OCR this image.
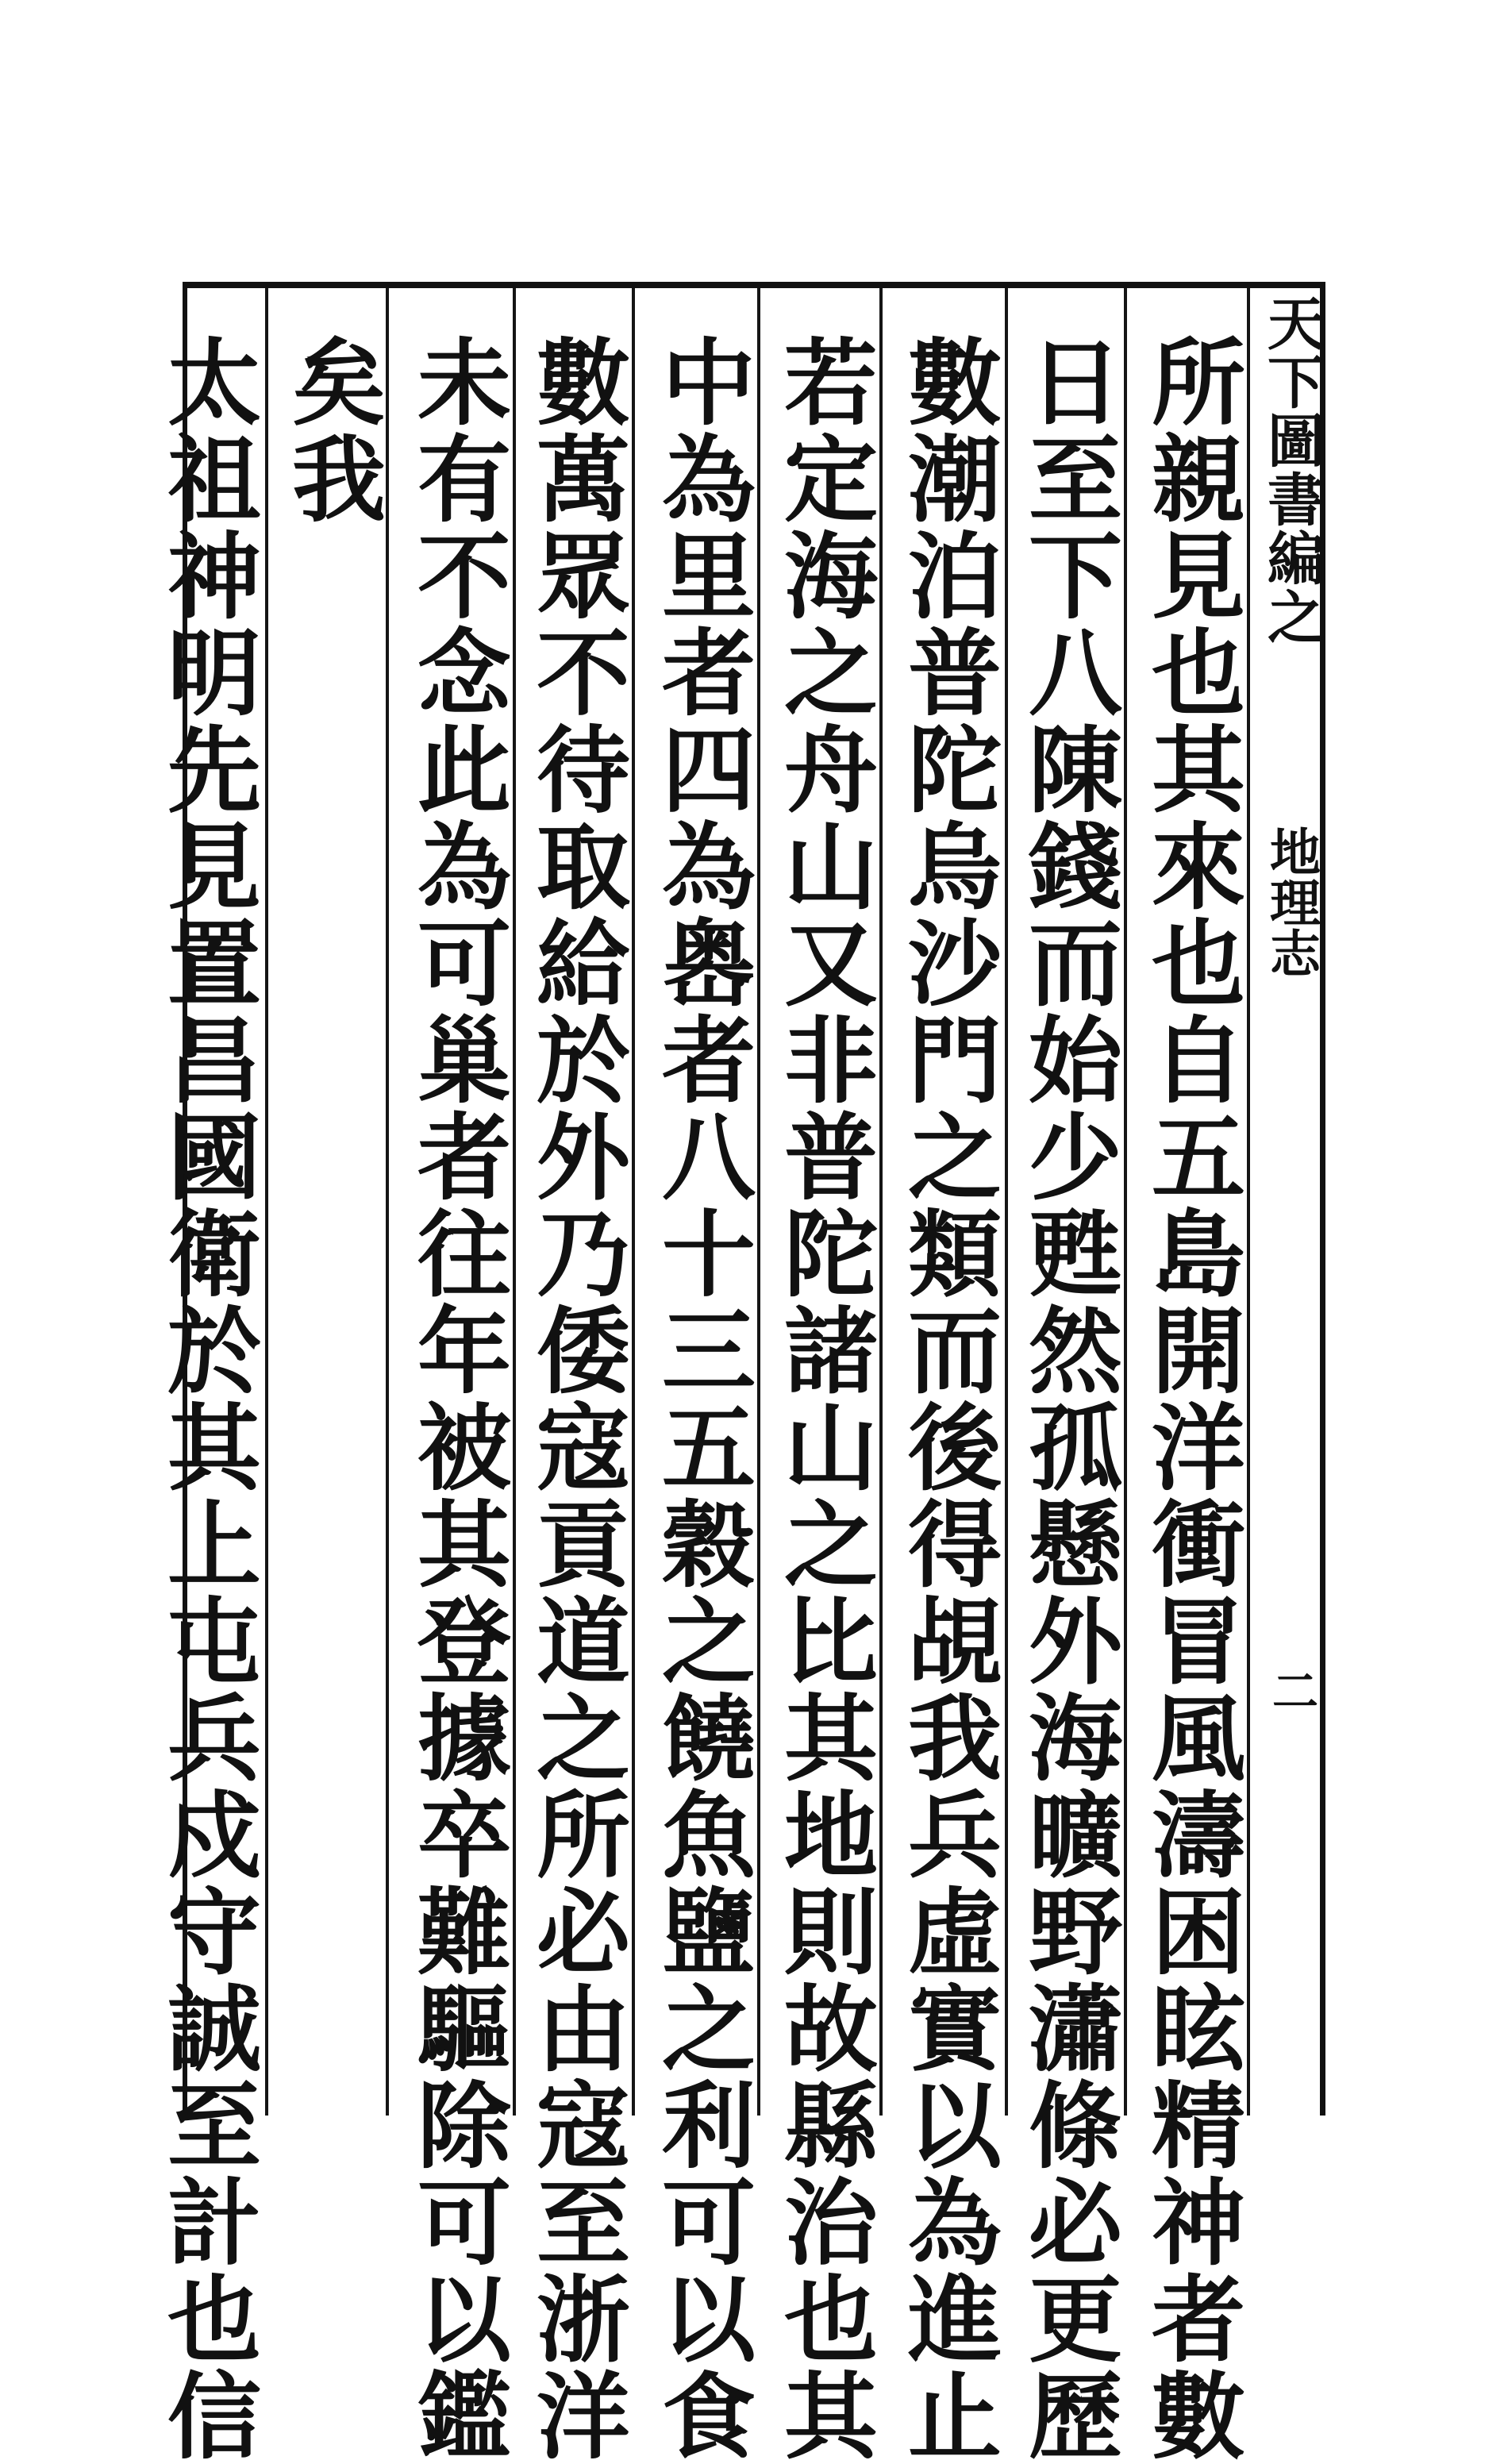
天下圖書編之
地理志
二
所親見也其來也自五島開洋衝冒風濤困眩精神者數
日至下八陳錢而始少甦然孤懸外海曠野瀟條必更歷
數潮泊普陀烏沙門之類而後得覘我兵虛實以為進止
若定海之舟山又非普陀諸山之比其地則故縣治也其
中為里者四為嶴者八十三五穀之饒魚鹽之利可以食
數萬眾不待取給於外乃倭寇貢道之所必由寇至浙洋
未有不念此為可巢者往年被其登據卒難驅除可以鑑
矣我
太祖神明先見置昌國衛於其上屯兵戍守誠至計也信
